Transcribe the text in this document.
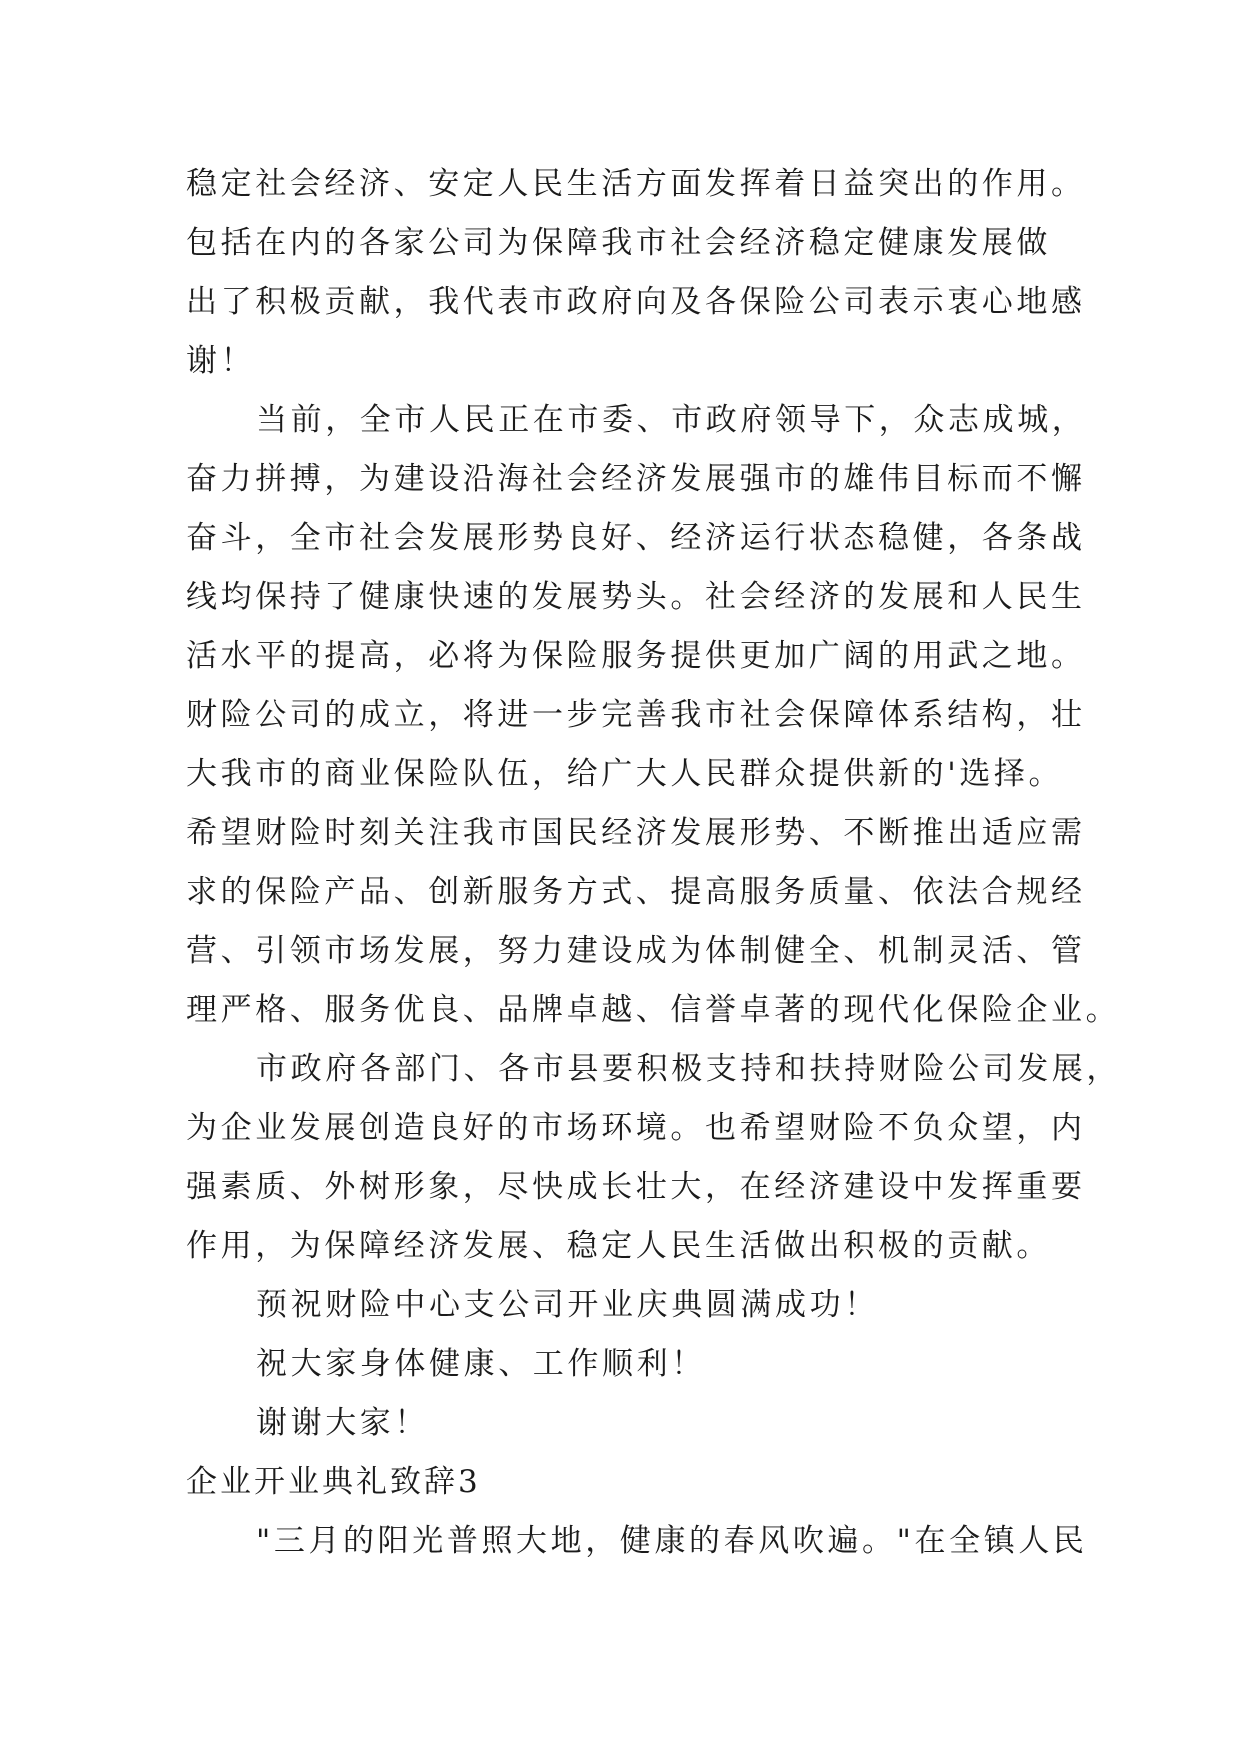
稳定社会经济、安定人民生活方面发挥着日益突出的作用。
包括在内的各家公司为保障我市社会经济稳定健康发展做
出了积极贡献，我代表市政府向及各保险公司表示衷心地感
谢！
当前，全市人民正在市委、市政府领导下，众志成城，
奋力拼搏，为建设沿海社会经济发展强市的雄伟目标而不懈
奋斗，全市社会发展形势良好、经济运行状态稳健，各条战
线均保持了健康快速的发展势头。社会经济的发展和人民生
活水平的提高，必将为保险服务提供更加广阔的用武之地。
财险公司的成立，将进一步完善我市社会保障体系结构，壮
大我市的商业保险队伍，给广大人民群众提供新的'选择。
希望财险时刻关注我市国民经济发展形势、不断推出适应需
求的保险产品、创新服务方式、提高服务质量、依法合规经
营、引领市场发展，努力建设成为体制健全、机制灵活、管
理严格、服务优良、品牌卓越、信誉卓著的现代化保险企业。
市政府各部门、各市县要积极支持和扶持财险公司发展，
为企业发展创造良好的市场环境。也希望财险不负众望，内
强素质、外树形象，尽快成长壮大，在经济建设中发挥重要
作用，为保障经济发展、稳定人民生活做出积极的贡献。
预祝财险中心支公司开业庆典圆满成功！
祝大家身体健康、工作顺利！
谢谢大家！
企业开业典礼致辞3
"三月的阳光普照大地，健康的春风吹遍。"在全镇人民
